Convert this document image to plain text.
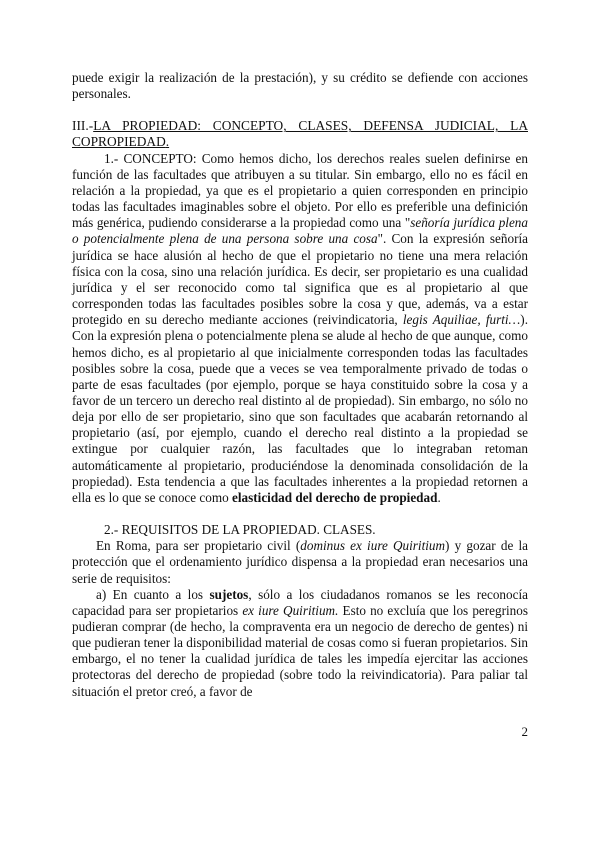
puede exigir la realización de la prestación), y su crédito se defiende con acciones personales.

III.-LA PROPIEDAD: CONCEPTO, CLASES, DEFENSA JUDICIAL, LA COPROPIEDAD.

1.- CONCEPTO: Como hemos dicho, los derechos reales suelen definirse en función de las facultades que atribuyen a su titular. Sin embargo, ello no es fácil en relación a la propiedad, ya que es el propietario a quien corresponden en principio todas las facultades imaginables sobre el objeto. Por ello es preferible una definición más genérica, pudiendo considerarse a la propiedad como una "señoría jurídica plena o potencialmente plena de una persona sobre una cosa". Con la expresión señoría jurídica se hace alusión al hecho de que el propietario no tiene una mera relación física con la cosa, sino una relación jurídica. Es decir, ser propietario es una cualidad jurídica y el ser reconocido como tal significa que es al propietario al que corresponden todas las facultades posibles sobre la cosa y que, además, va a estar protegido en su derecho mediante acciones (reivindicatoria, legis Aquiliae, furti…). Con la expresión plena o potencialmente plena se alude al hecho de que aunque, como hemos dicho, es al propietario al que inicialmente corresponden todas las facultades posibles sobre la cosa, puede que a veces se vea temporalmente privado de todas o parte de esas facultades (por ejemplo, porque se haya constituido sobre la cosa y a favor de un tercero un derecho real distinto al de propiedad). Sin embargo, no sólo no deja por ello de ser propietario, sino que son facultades que acabarán retornando al propietario (así, por ejemplo, cuando el derecho real distinto a la propiedad se extingue por cualquier razón, las facultades que lo integraban retoman automáticamente al propietario, produciéndose la denominada consolidación de la propiedad). Esta tendencia a que las facultades inherentes a la propiedad retornen a ella es lo que se conoce como elasticidad del derecho de propiedad.

2.- REQUISITOS DE LA PROPIEDAD. CLASES.

En Roma, para ser propietario civil (dominus ex iure Quiritium) y gozar de la protección que el ordenamiento jurídico dispensa a la propiedad eran necesarios una serie de requisitos:

a) En cuanto a los sujetos, sólo a los ciudadanos romanos se les reconocía capacidad para ser propietarios ex iure Quiritium. Esto no excluía que los peregrinos pudieran comprar (de hecho, la compraventa era un negocio de derecho de gentes) ni que pudieran tener la disponibilidad material de cosas como si fueran propietarios. Sin embargo, el no tener la cualidad jurídica de tales les impedía ejercitar las acciones protectoras del derecho de propiedad (sobre todo la reivindicatoria). Para paliar tal situación el pretor creó, a favor de

2
